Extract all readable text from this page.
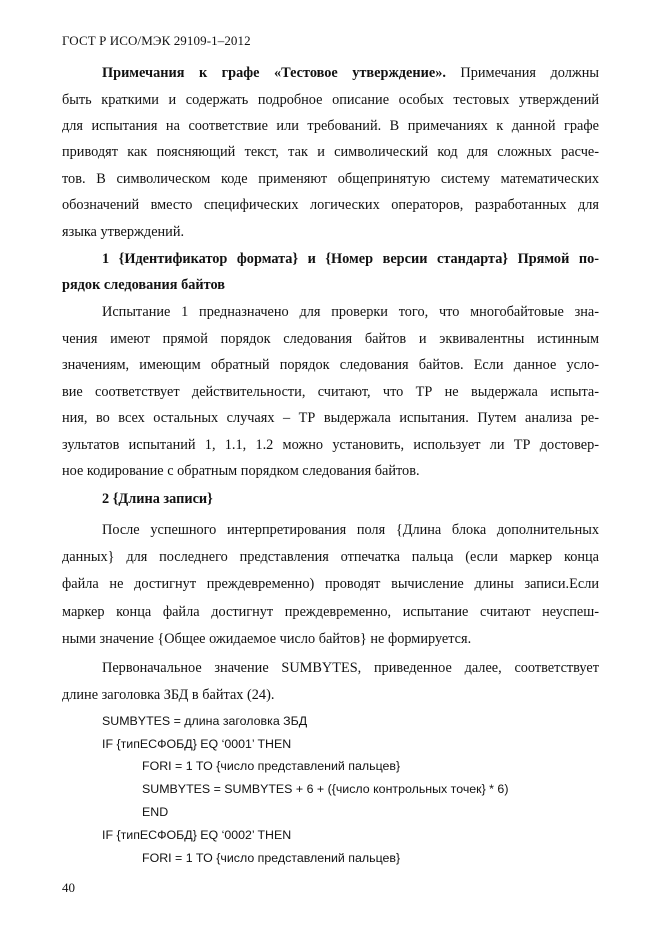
ГОСТ Р ИСО/МЭК 29109-1–2012
Примечания к графе «Тестовое утверждение». Примечания должны
быть краткими и содержать подробное описание особых тестовых утверждений
для испытания на соответствие или требований. В примечаниях к данной графе
приводят как поясняющий текст, так и символический код для сложных расче-
тов. В символическом коде применяют общепринятую систему математических
обозначений вместо специфических логических операторов, разработанных для
языка утверждений.
1 {Идентификатор формата} и {Номер версии стандарта} Прямой по-
рядок следования байтов
Испытание 1 предназначено для проверки того, что многобайтовые зна-
чения имеют прямой порядок следования байтов и эквивалентны истинным
значениям, имеющим обратный порядок следования байтов. Если данное усло-
вие соответствует действительности, считают, что ТР не выдержала испыта-
ния, во всех остальных случаях – ТР выдержала испытания. Путем анализа ре-
зультатов испытаний 1, 1.1, 1.2 можно установить, использует ли ТР достовер-
ное кодирование с обратным порядком следования байтов.
2 {Длина записи}
После успешного интерпретирования поля {Длина блока дополнительных
данных} для последнего представления отпечатка пальца (если маркер конца
файла не достигнут преждевременно) проводят вычисление длины записи.Если
маркер конца файла достигнут преждевременно, испытание считают неуспеш-
ными значение {Общее ожидаемое число байтов} не формируется.
Первоначальное значение SUMBYTES, приведенное далее, соответствует
длине заголовка ЗБД в байтах (24).
SUMBYTES = длина заголовка ЗБД
IF {типЕСФОБД} EQ ‘0001’ THEN
FORI = 1 TO {число представлений пальцев}
SUMBYTES = SUMBYTES + 6 + ({число контрольных точек} * 6)
END
IF {типЕСФОБД} EQ ‘0002’ THEN
FORI = 1 TO {число представлений пальцев}
40
